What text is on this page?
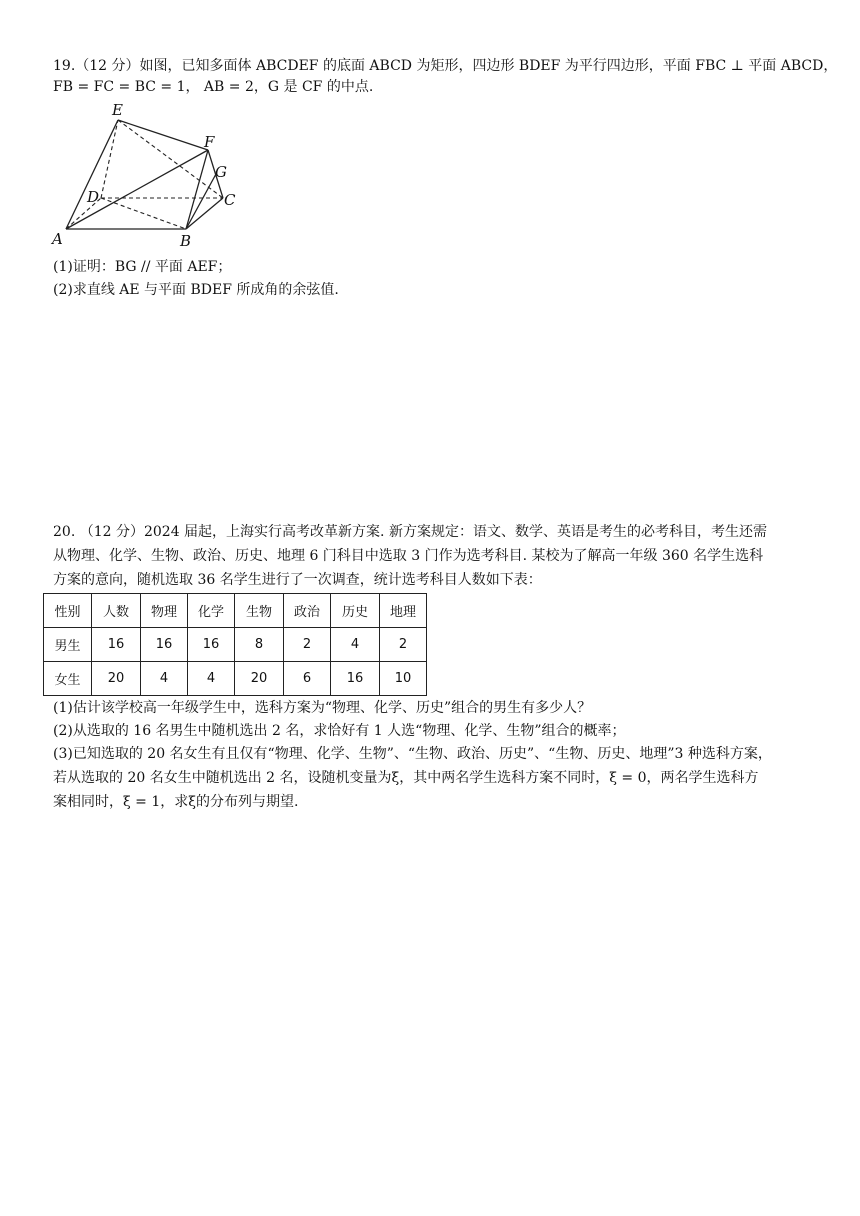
19.（12 分）如图，已知多面体 ABCDEF 的底面 ABCD 为矩形，四边形 BDEF 为平行四边形，平面 FBC ⊥ 平面 ABCD，
FB = FC = BC = 1， AB = 2，G 是 CF 的中点.
E
F
G
D	C
A	B
(1)证明：BG // 平面 AEF；
(2)求直线 AE 与平面 BDEF 所成角的余弦值.
20. （12 分）2024 届起，上海实行高考改革新方案. 新方案规定：语文、数学、英语是考生的必考科目，考生还需
从物理、化学、生物、政治、历史、地理 6 门科目中选取 3 门作为选考科目. 某校为了解高一年级 360 名学生选科
方案的意向，随机选取 36 名学生进行了一次调查，统计选考科目人数如下表：
性别	人数	物理	化学	生物	政治	历史	地理
男生	16	16	16	8	2	4	2
女生	20	4	4	20	6	16	10
(1)估计该学校高一年级学生中，选科方案为“物理、化学、历史”组合的男生有多少人？
(2)从选取的 16 名男生中随机选出 2 名，求恰好有 1 人选“物理、化学、生物”组合的概率；
(3)已知选取的 20 名女生有且仅有“物理、化学、生物”、“生物、政治、历史”、“生物、历史、地理”3 种选科方案，
若从选取的 20 名女生中随机选出 2 名，设随机变量为ξ，其中两名学生选科方案不同时，ξ = 0，两名学生选科方
案相同时，ξ = 1，求ξ的分布列与期望.
